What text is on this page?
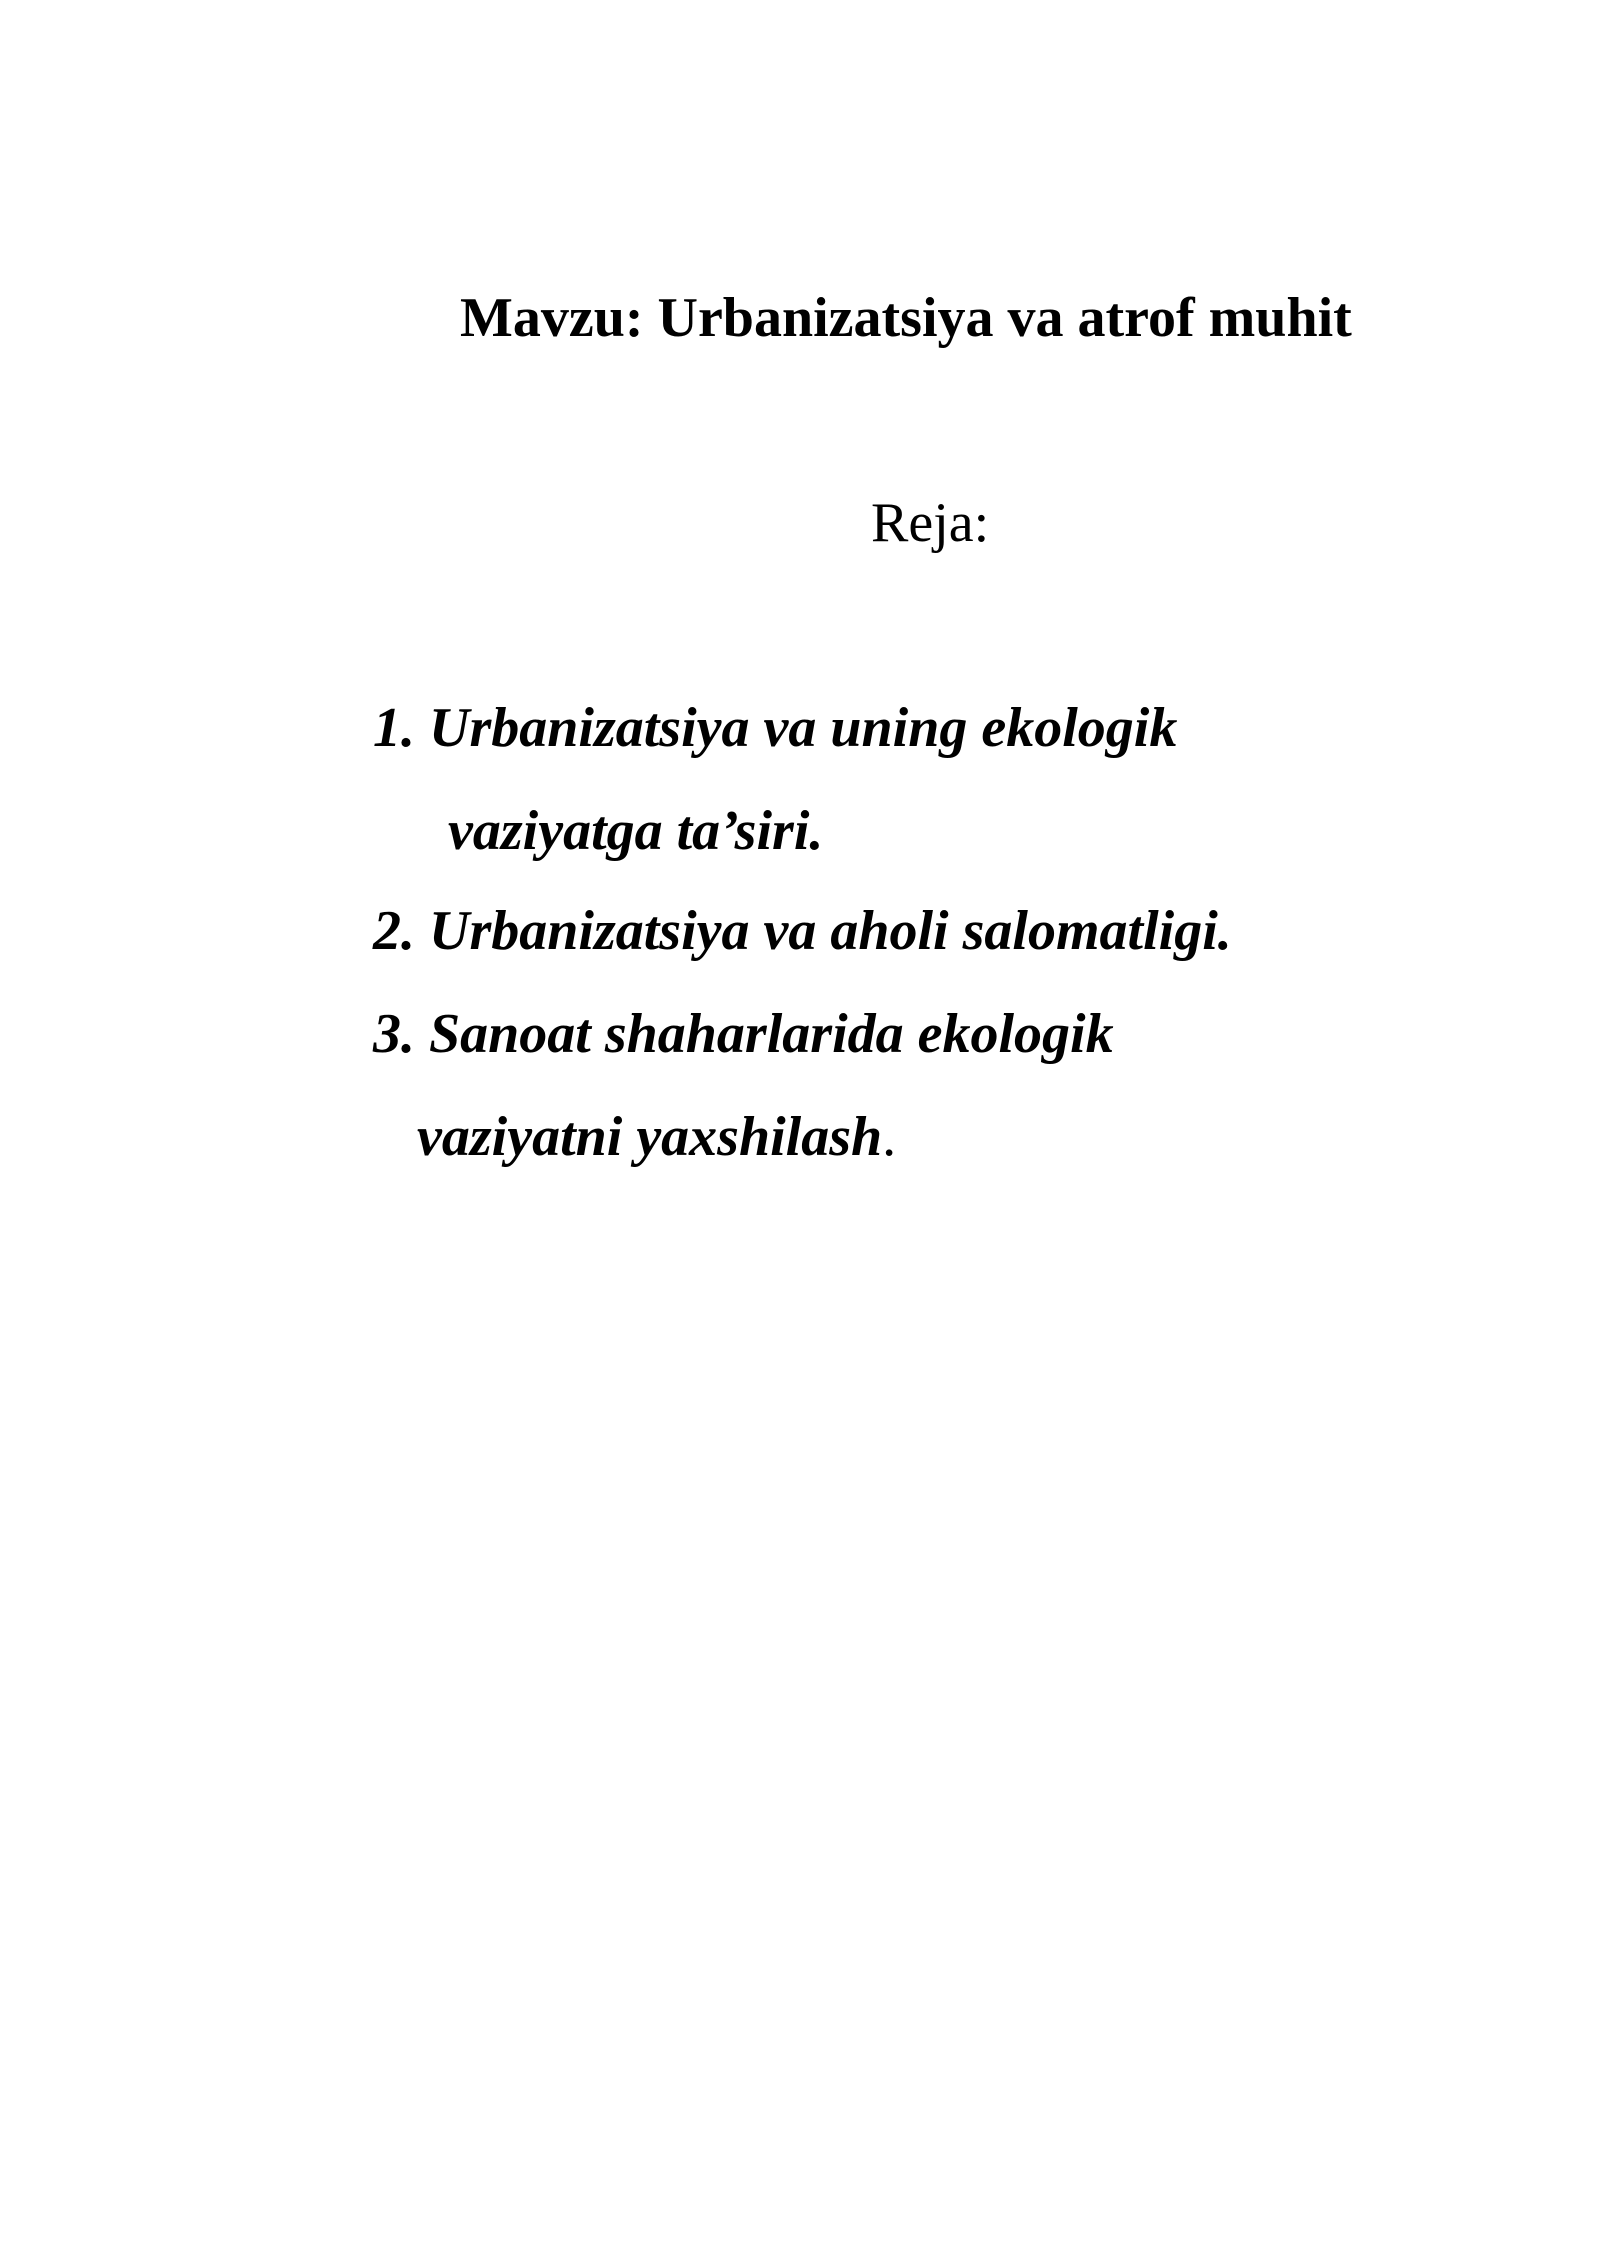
Mavzu: Urbanizatsiya va atrof muhit
Reja:
1. Urbanizatsiya va uning ekologik
vaziyatga ta’siri.
2. Urbanizatsiya va aholi salomatligi.
3. Sanoat shaharlarida ekologik
vaziyatni yaxshilash.
